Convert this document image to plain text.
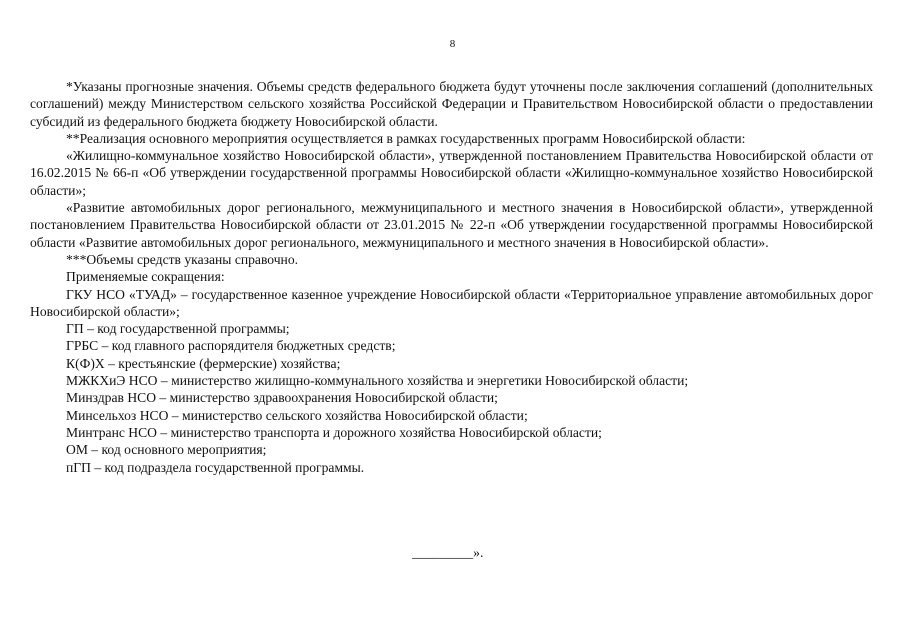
8

*Указаны прогнозные значения. Объемы средств федерального бюджета будут уточнены после заключения соглашений (дополнительных соглашений) между Министерством сельского хозяйства Российской Федерации и Правительством Новосибирской области о предоставлении субсидий из федерального бюджета бюджету Новосибирской области.

**Реализация основного мероприятия осуществляется в рамках государственных программ Новосибирской области:

«Жилищно-коммунальное хозяйство Новосибирской области», утвержденной постановлением Правительства Новосибирской области от 16.02.2015 № 66-п «Об утверждении государственной программы Новосибирской области «Жилищно-коммунальное хозяйство Новосибирской области»;

«Развитие автомобильных дорог регионального, межмуниципального и местного значения в Новосибирской области», утвержденной постановлением Правительства Новосибирской области от 23.01.2015 № 22-п «Об утверждении государственной программы Новосибирской области «Развитие автомобильных дорог регионального, межмуниципального и местного значения в Новосибирской области».

***Объемы средств указаны справочно.

Применяемые сокращения:

ГКУ НСО «ТУАД» – государственное казенное учреждение Новосибирской области «Территориальное управление автомобильных дорог Новосибирской области»;

ГП – код государственной программы;

ГРБС – код главного распорядителя бюджетных средств;

К(Ф)Х – крестьянские (фермерские) хозяйства;

МЖКХиЭ НСО – министерство жилищно-коммунального хозяйства и энергетики Новосибирской области;

Минздрав НСО – министерство здравоохранения Новосибирской области;

Минсельхоз НСО – министерство сельского хозяйства Новосибирской области;

Минтранс НСО – министерство транспорта и дорожного хозяйства Новосибирской области;

ОМ – код основного мероприятия;

пГП – код подраздела государственной программы.

_________».
